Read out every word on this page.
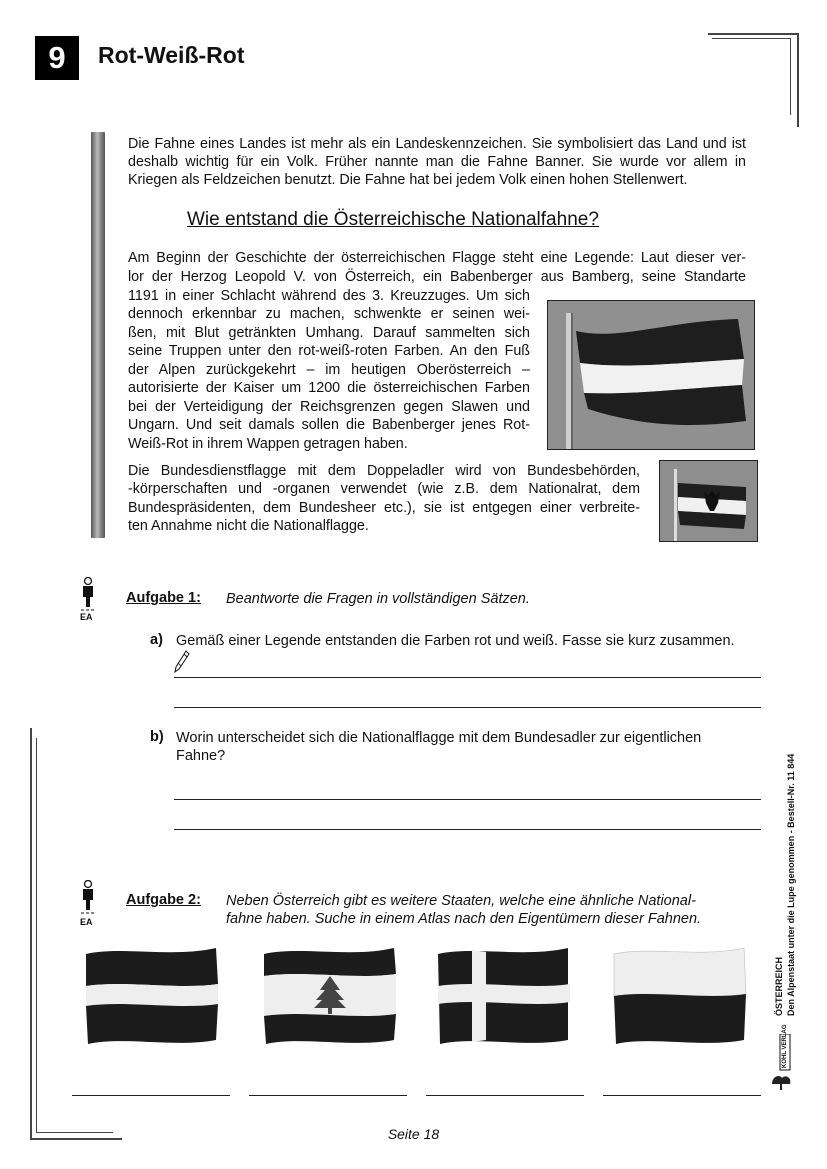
9	Rot-Weiß-Rot
Die Fahne eines Landes ist mehr als ein Landeskennzeichen. Sie symbolisiert das Land und ist deshalb wichtig für ein Volk. Früher nannte man die Fahne Banner. Sie wurde vor allem in Kriegen als Feldzeichen benutzt. Die Fahne hat bei jedem Volk einen hohen Stellenwert.
Wie entstand die Österreichische Nationalfahne?
Am Beginn der Geschichte der österreichischen Flagge steht eine Legende: Laut dieser ver-
lor der Herzog Leopold V. von Österreich, ein Babenberger aus Bamberg, seine Standarte
1191 in einer Schlacht während des 3. Kreuzzuges. Um sich
dennoch erkennbar zu machen, schwenkte er seinen wei-
ßen, mit Blut getränkten Umhang. Darauf sammelten sich
seine Truppen unter den rot-weiß-roten Farben. An den Fuß
der Alpen zurückgekehrt – im heutigen Oberösterreich –
autorisierte der Kaiser um 1200 die österreichischen Farben
bei der Verteidigung der Reichsgrenzen gegen Slawen und
Ungarn. Und seit damals sollen die Babenberger jenes Rot-
Weiß-Rot in ihrem Wappen getragen haben.
Die Bundesdienstflagge mit dem Doppeladler wird von Bundesbehörden,
-körperschaften und -organen verwendet (wie z.B. dem Nationalrat, dem
Bundespräsidenten, dem Bundesheer etc.), sie ist entgegen einer verbreite-
ten Annahme nicht die Nationalflagge.
EA
Aufgabe 1: Beantworte die Fragen in vollständigen Sätzen.
a) Gemäß einer Legende entstanden die Farben rot und weiß. Fasse sie kurz zusammen.
b) Worin unterscheidet sich die Nationalflagge mit dem Bundesadler zur eigentlichen Fahne?
EA
Aufgabe 2: Neben Österreich gibt es weitere Staaten, welche eine ähnliche National-
fahne haben. Suche in einem Atlas nach den Eigentümern dieser Fahnen.
ÖSTERREICH Den Alpenstaat unter die Lupe genommen - Bestell-Nr. 11 844
KOHL VERLAG
Seite 18
